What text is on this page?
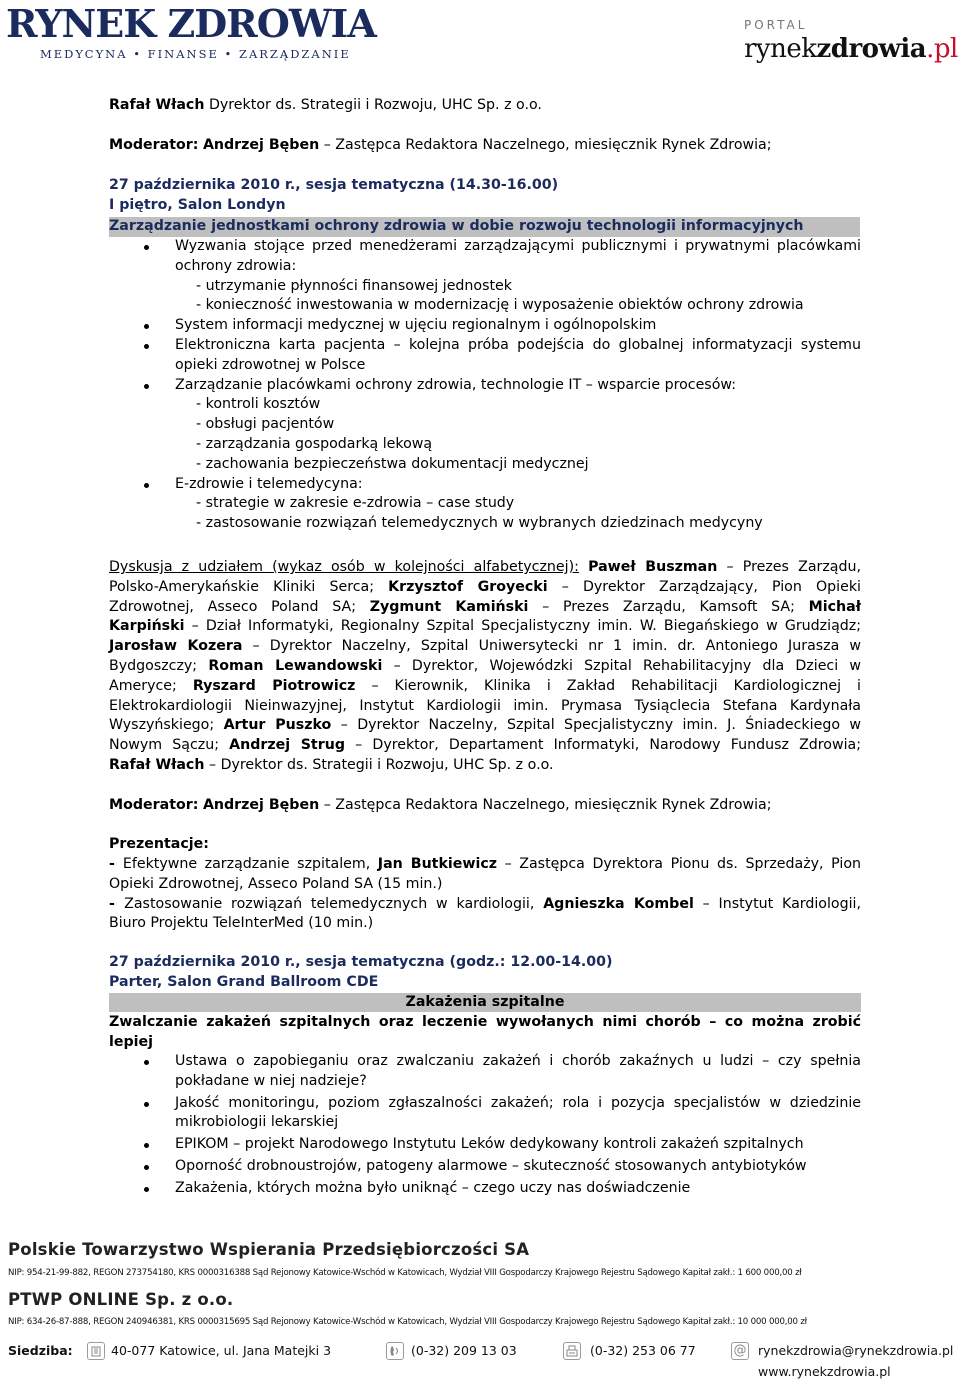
RYNEK ZDROWIA
MEDYCYNA • FINANSE • ZARZĄDZANIE
PORTAL
rynekzdrowia.pl
Rafał Włach Dyrektor ds. Strategii i Rozwoju, UHC Sp. z o.o.
Moderator: Andrzej Bęben – Zastępca Redaktora Naczelnego, miesięcznik Rynek Zdrowia;
27 października 2010 r., sesja tematyczna (14.30-16.00)
I piętro, Salon Londyn
Zarządzanie jednostkami ochrony zdrowia w dobie rozwoju technologii informacyjnych
Wyzwania stojące przed menedżerami zarządzającymi publicznymi i prywatnymi placówkami
ochrony zdrowia:
- utrzymanie płynności finansowej jednostek
- konieczność inwestowania w modernizację i wyposażenie obiektów ochrony zdrowia
System informacji medycznej w ujęciu regionalnym i ogólnopolskim
Elektroniczna karta pacjenta – kolejna próba podejścia do globalnej informatyzacji systemu
opieki zdrowotnej w Polsce
Zarządzanie placówkami ochrony zdrowia, technologie IT – wsparcie procesów:
- kontroli kosztów
- obsługi pacjentów
- zarządzania gospodarką lekową
- zachowania bezpieczeństwa dokumentacji medycznej
E-zdrowie i telemedycyna:
- strategie w zakresie e-zdrowia – case study
- zastosowanie rozwiązań telemedycznych w wybranych dziedzinach medycyny
Dyskusja z udziałem (wykaz osób w kolejności alfabetycznej): Paweł Buszman – Prezes Zarządu,
Polsko-Amerykańskie Kliniki Serca; Krzysztof Groyecki – Dyrektor Zarządzający, Pion Opieki
Zdrowotnej, Asseco Poland SA; Zygmunt Kamiński – Prezes Zarządu, Kamsoft SA; Michał
Karpiński – Dział Informatyki, Regionalny Szpital Specjalistyczny imin. W. Biegańskiego w Grudziądz;
Jarosław Kozera – Dyrektor Naczelny, Szpital Uniwersytecki nr 1 imin. dr. Antoniego Jurasza w
Bydgoszczy; Roman Lewandowski – Dyrektor, Wojewódzki Szpital Rehabilitacyjny dla Dzieci w
Ameryce; Ryszard Piotrowicz – Kierownik, Klinika i Zakład Rehabilitacji Kardiologicznej i
Elektrokardiologii Nieinwazyjnej, Instytut Kardiologii imin. Prymasa Tysiąclecia Stefana Kardynała
Wyszyńskiego; Artur Puszko – Dyrektor Naczelny, Szpital Specjalistyczny imin. J. Śniadeckiego w
Nowym Sączu; Andrzej Strug – Dyrektor, Departament Informatyki, Narodowy Fundusz Zdrowia;
Rafał Włach – Dyrektor ds. Strategii i Rozwoju, UHC Sp. z o.o.
Moderator: Andrzej Bęben – Zastępca Redaktora Naczelnego, miesięcznik Rynek Zdrowia;
Prezentacje:
- Efektywne zarządzanie szpitalem, Jan Butkiewicz – Zastępca Dyrektora Pionu ds. Sprzedaży, Pion
Opieki Zdrowotnej, Asseco Poland SA (15 min.)
- Zastosowanie rozwiązań telemedycznych w kardiologii, Agnieszka Kombel – Instytut Kardiologii,
Biuro Projektu TeleInterMed (10 min.)
27 października 2010 r., sesja tematyczna (godz.: 12.00-14.00)
Parter, Salon Grand Ballroom CDE
Zakażenia szpitalne
Zwalczanie zakażeń szpitalnych oraz leczenie wywołanych nimi chorób – co można zrobić
lepiej
Ustawa o zapobieganiu oraz zwalczaniu zakażeń i chorób zakaźnych u ludzi – czy spełnia
pokładane w niej nadzieje?
Jakość monitoringu, poziom zgłaszalności zakażeń; rola i pozycja specjalistów w dziedzinie
mikrobiologii lekarskiej
EPIKOM – projekt Narodowego Instytutu Leków dedykowany kontroli zakażeń szpitalnych
Oporność drobnoustrojów, patogeny alarmowe – skuteczność stosowanych antybiotyków
Zakażenia, których można było uniknąć – czego uczy nas doświadczenie
Polskie Towarzystwo Wspierania Przedsiębiorczości SA
NIP: 954-21-99-882, REGON 273754180, KRS 0000316388 Sąd Rejonowy Katowice-Wschód w Katowicach, Wydział VIII Gospodarczy Krajowego Rejestru Sądowego Kapitał zakł.: 1 600 000,00 zł
PTWP ONLINE Sp. z o.o.
NIP: 634-26-87-888, REGON 240946381, KRS 0000315695 Sąd Rejonowy Katowice-Wschód w Katowicach, Wydział VIII Gospodarczy Krajowego Rejestru Sądowego Kapitał zakł.: 10 000 000,00 zł
Siedziba:	40-077 Katowice, ul. Jana Matejki 3	(0-32) 209 13 03	(0-32) 253 06 77	@ rynekzdrowia@rynekzdrowia.pl
www.rynekzdrowia.pl
